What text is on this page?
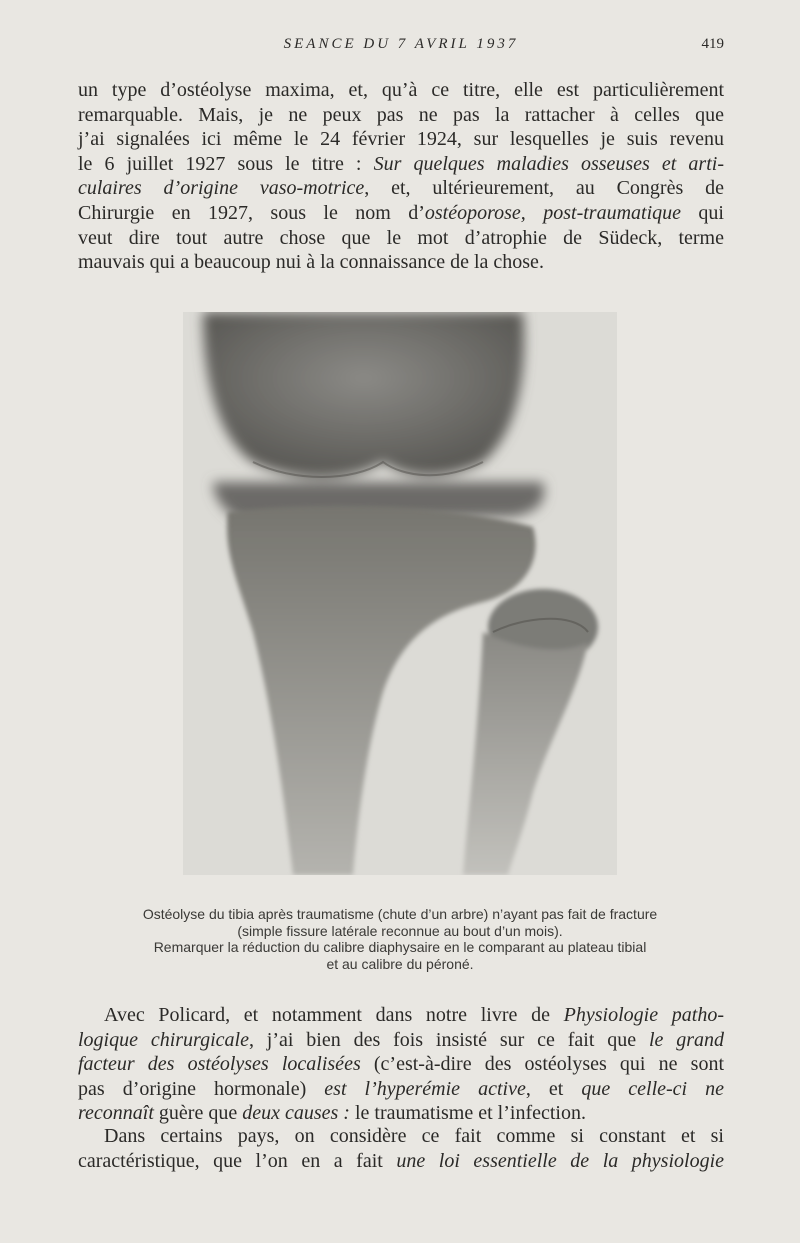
SEANCE DU 7 AVRIL 1937	419
un type d’ostéolyse maxima, et, qu’à ce titre, elle est particulièrement
remarquable. Mais, je ne peux pas ne pas la rattacher à celles que
j’ai signalées ici même le 24 février 1924, sur lesquelles je suis revenu
le 6 juillet 1927 sous le titre : Sur quelques maladies osseuses et arti-
culaires d’origine vaso-motrice, et, ultérieurement, au Congrès de
Chirurgie en 1927, sous le nom d’ostéoporose, post-traumatique qui
veut dire tout autre chose que le mot d’atrophie de Südeck, terme
mauvais qui a beaucoup nui à la connaissance de la chose.
Ostéolyse du tibia après traumatisme (chute d’un arbre) n’ayant pas fait de fracture
(simple fissure latérale reconnue au bout d’un mois).
Remarquer la réduction du calibre diaphysaire en le comparant au plateau tibial
et au calibre du péroné.
Avec Policard, et notamment dans notre livre de Physiologie patho-
logique chirurgicale, j’ai bien des fois insisté sur ce fait que le grand
facteur des ostéolyses localisées (c’est-à-dire des ostéolyses qui ne sont
pas d’origine hormonale) est l’hyperémie active, et que celle-ci ne
reconnaît guère que deux causes : le traumatisme et l’infection.
Dans certains pays, on considère ce fait comme si constant et si
caractéristique, que l’on en a fait une loi essentielle de la physiologie
